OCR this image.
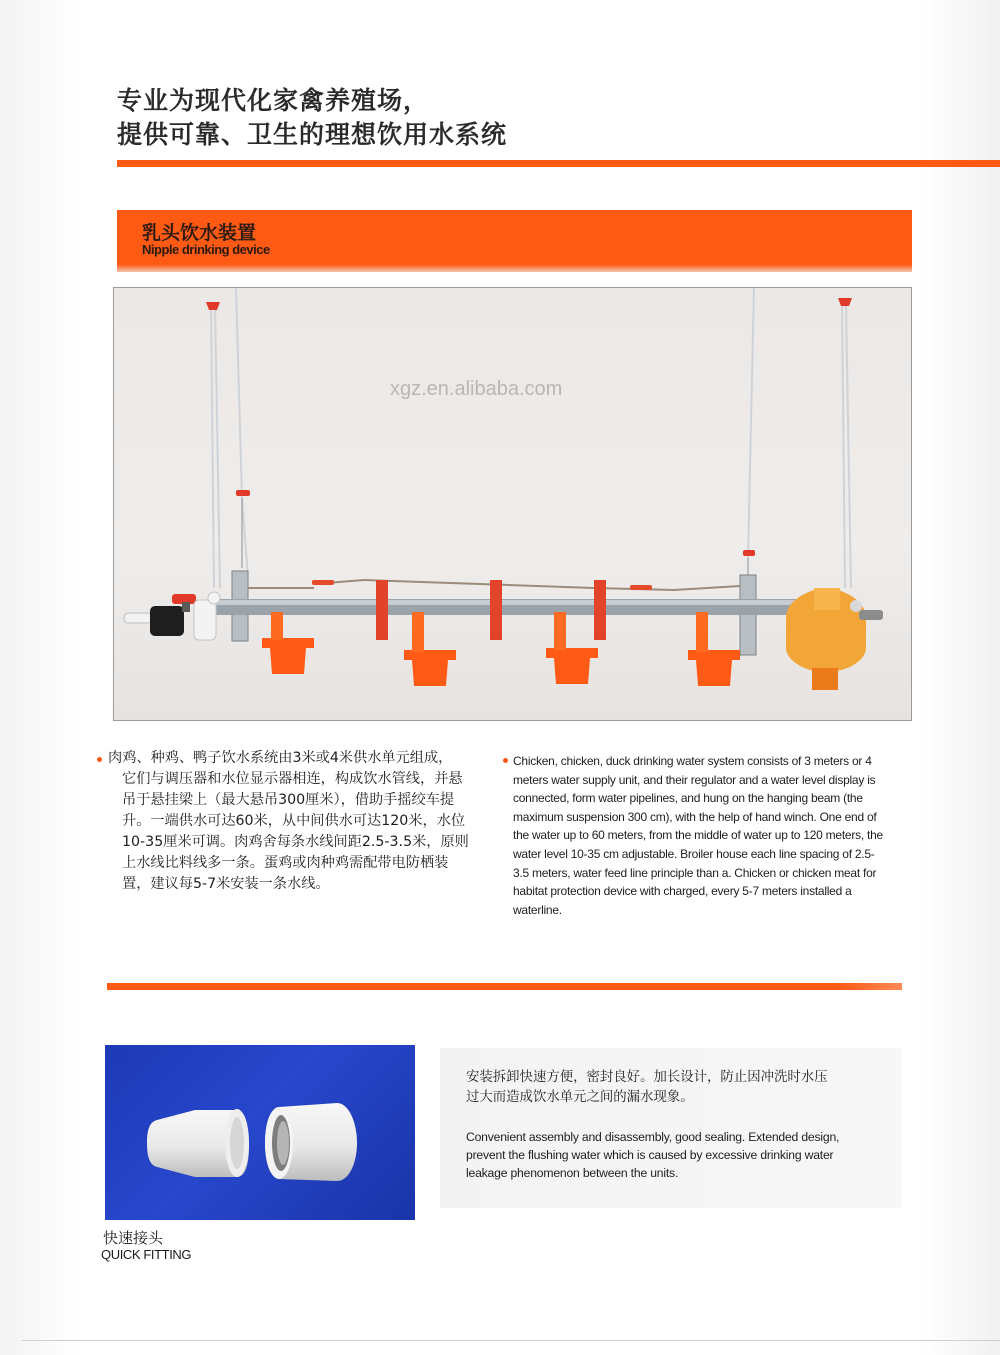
专业为现代化家禽养殖场，
提供可靠、卫生的理想饮用水系统
乳头饮水装置
Nipple drinking device
xgz.en.alibaba.com
肉鸡、种鸡、鸭子饮水系统由3米或4米供水单元组成，
它们与调压器和水位显示器相连，构成饮水管线，并悬
吊于悬挂梁上（最大悬吊300厘米），借助手摇绞车提
升。一端供水可达60米，从中间供水可达120米，水位
10-35厘米可调。肉鸡舍每条水线间距2.5-3.5米，原则
上水线比料线多一条。蛋鸡或肉种鸡需配带电防栖装
置，建议每5-7米安装一条水线。
Chicken, chicken, duck drinking water system consists of 3 meters or 4
meters water supply unit, and their regulator and a water level display is
connected, form water pipelines, and hung on the hanging beam (the
maximum suspension 300 cm), with the help of hand winch. One end of
the water up to 60 meters, from the middle of water up to 120 meters, the
water level 10-35 cm adjustable. Broiler house each line spacing of 2.5-
3.5 meters, water feed line principle than a. Chicken or chicken meat for
habitat protection device with charged, every 5-7 meters installed a
waterline.
快速接头
QUICK FITTING
安装拆卸快速方便，密封良好。加长设计，防止因冲洗时水压
过大而造成饮水单元之间的漏水现象。
Convenient assembly and disassembly, good sealing. Extended design,
prevent the flushing water which is caused by excessive drinking water
leakage phenomenon between the units.
